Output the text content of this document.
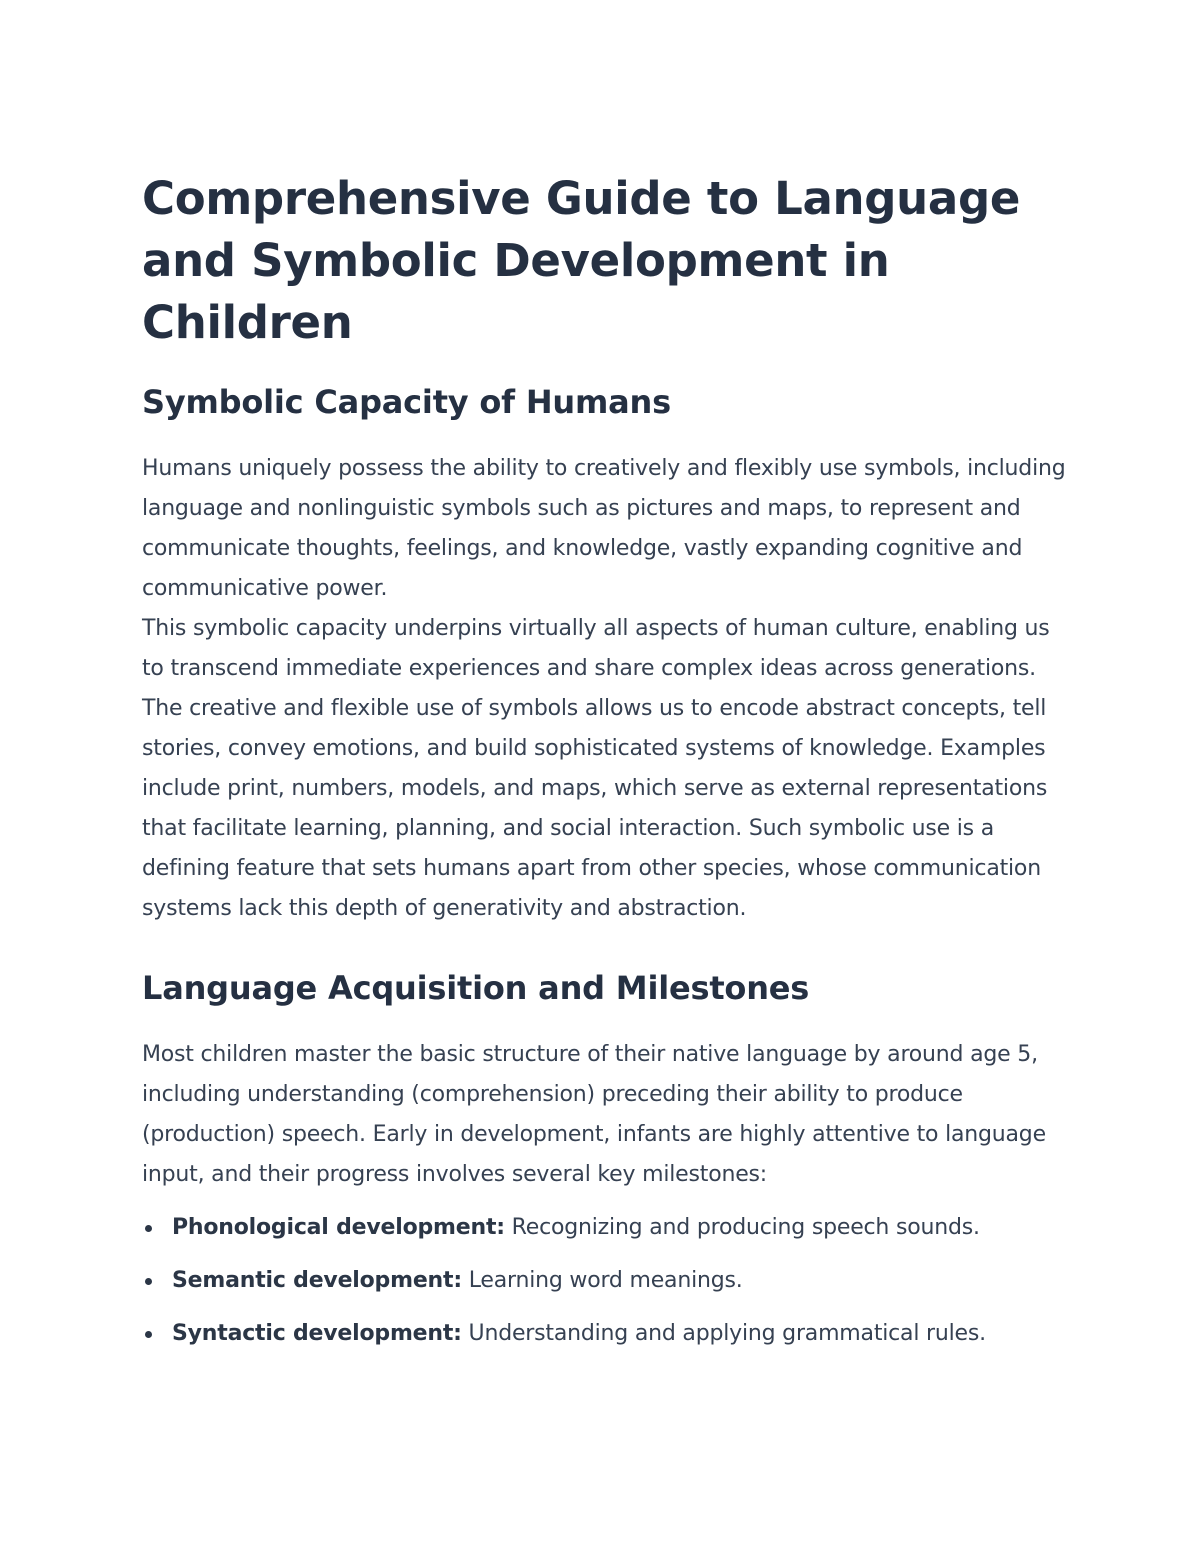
Comprehensive Guide to Language and Symbolic Development in Children
Symbolic Capacity of Humans

Humans uniquely possess the ability to creatively and flexibly use symbols, including language and nonlinguistic symbols such as pictures and maps, to represent and communicate thoughts, feelings, and knowledge, vastly expanding cognitive and communicative power.

This symbolic capacity underpins virtually all aspects of human culture, enabling us to transcend immediate experiences and share complex ideas across generations. The creative and flexible use of symbols allows us to encode abstract concepts, tell stories, convey emotions, and build sophisticated systems of knowledge. Examples include print, numbers, models, and maps, which serve as external representations that facilitate learning, planning, and social interaction. Such symbolic use is a defining feature that sets humans apart from other species, whose communication systems lack this depth of generativity and abstraction.

Language Acquisition and Milestones

Most children master the basic structure of their native language by around age 5, including understanding (comprehension) preceding their ability to produce (production) speech. Early in development, infants are highly attentive to language input, and their progress involves several key milestones:

Phonological development: Recognizing and producing speech sounds.
Semantic development: Learning word meanings.
Syntactic development: Understanding and applying grammatical rules.
